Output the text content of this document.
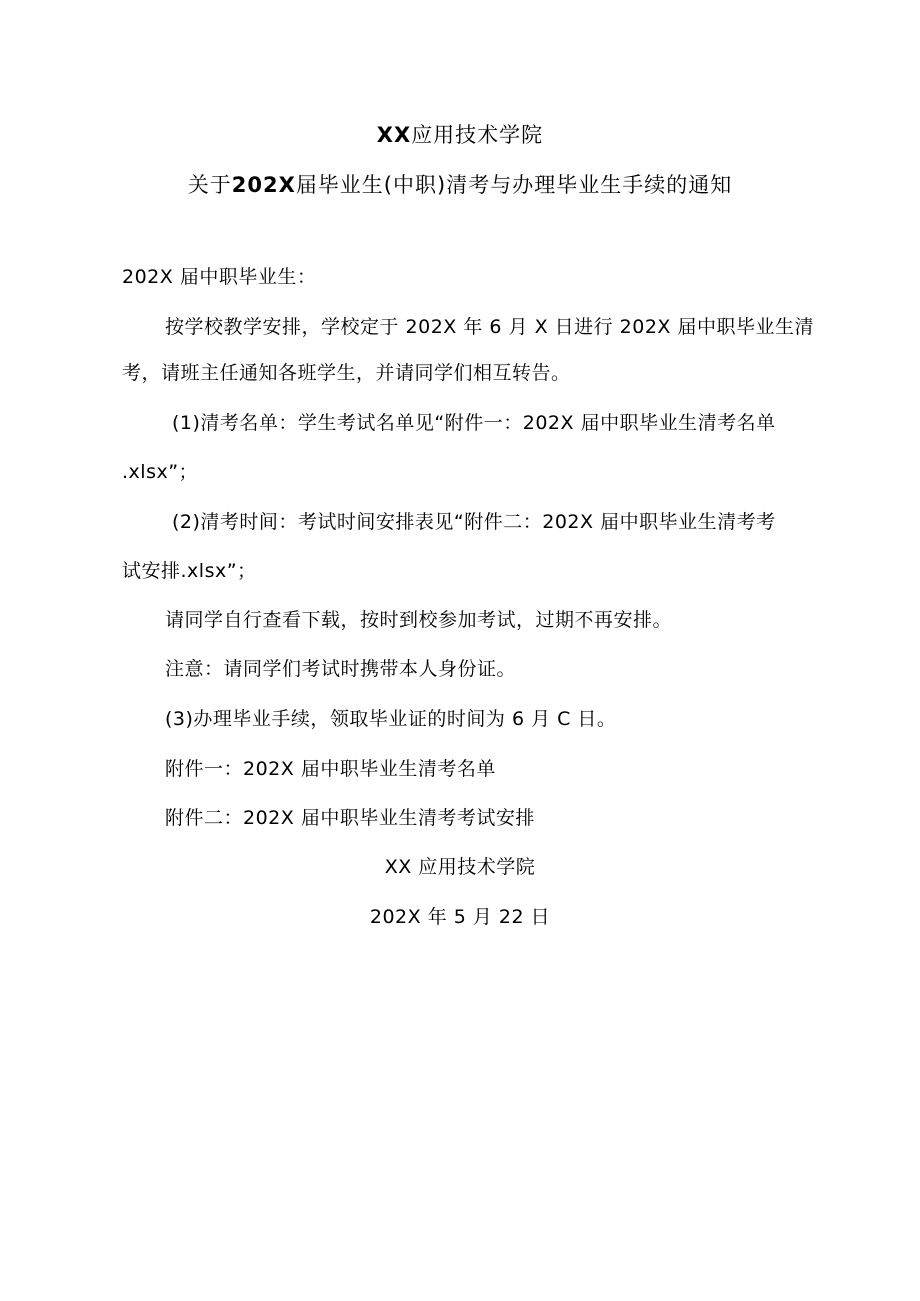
XX应用技术学院
关于202X届毕业生(中职)清考与办理毕业生手续的通知
202X 届中职毕业生：
按学校教学安排，学校定于 202X 年 6 月 X 日进行 202X 届中职毕业生清
考，请班主任通知各班学生，并请同学们相互转告。
(1)清考名单：学生考试名单见“附件一：202X 届中职毕业生清考名单
.xlsx”；
(2)清考时间：考试时间安排表见“附件二：202X 届中职毕业生清考考
试安排.xlsx”；
请同学自行查看下载，按时到校参加考试，过期不再安排。
注意：请同学们考试时携带本人身份证。
(3)办理毕业手续，领取毕业证的时间为 6 月 C 日。
附件一：202X 届中职毕业生清考名单
附件二：202X 届中职毕业生清考考试安排
XX 应用技术学院
202X 年 5 月 22 日
